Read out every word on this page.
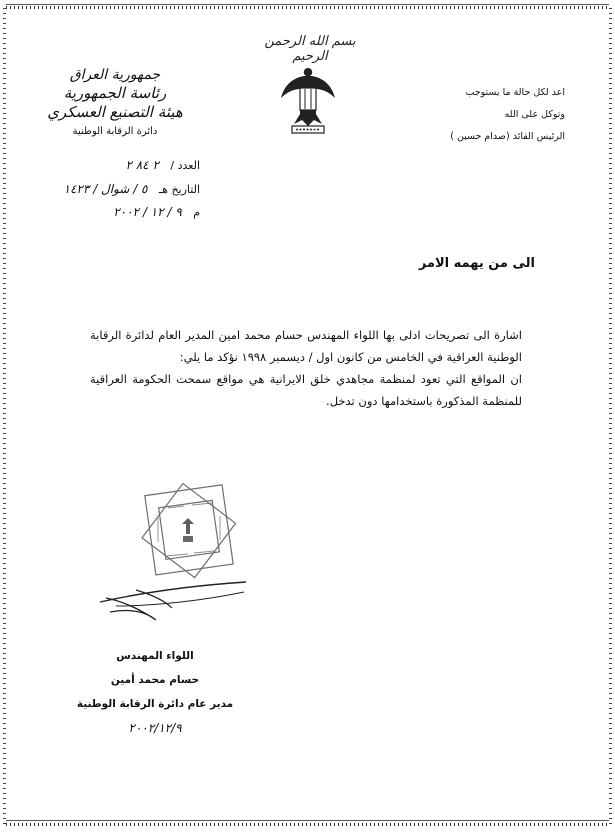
بسم الله الرحمن الرحيم
جمهورية العراق
رئاسة الجمهورية
هيئة التصنيع العسكري
دائرة الرقابة الوطنية
العدد / ٢ ٨٤ ٢
التاريخ هـ ٥ / شوال / ١٤٢٣
م ٩ / ١٢ / ٢٠٠٢
اعد لكل حالة ما يستوجب
وتوكل على الله
الرئيس القائد (صدام حسين )
الى من يهمه الامر

اشارة الى تصريحات ادلى بها اللواء المهندس حسام محمد امين المدير العام لدائرة الرقابة الوطنية العراقية في الخامس من كانون اول / ديسمبر ١٩٩٨ نؤكد ما يلي:

ان المواقع التي تعود لمنظمة مجاهدي خلق الايرانية هي مواقع سمحت الحكومة العراقية للمنظمة المذكورة باستخدامها دون تدخل.

اللواء المهندس
حسام محمد أمين
مدير عام دائرة الرقابة الوطنية
٢٠٠٢/١٢/٩
